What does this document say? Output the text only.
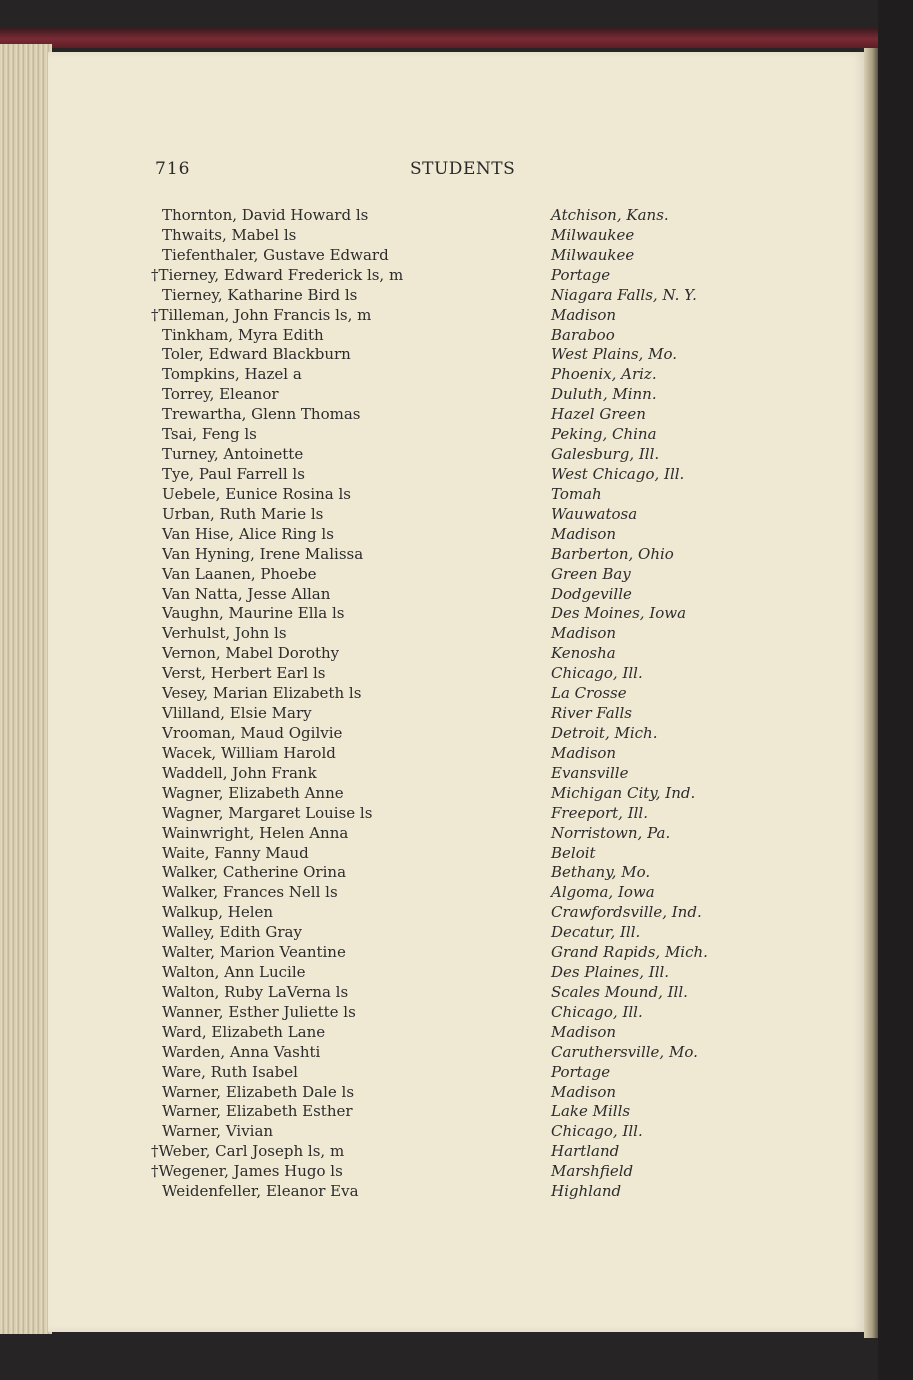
716	STUDENTS
Thornton, David Howard ls	Atchison, Kans.
Thwaits, Mabel ls	Milwaukee
Tiefenthaler, Gustave Edward	Milwaukee
†Tierney, Edward Frederick ls, m	Portage
Tierney, Katharine Bird ls	Niagara Falls, N. Y.
†Tilleman, John Francis ls, m	Madison
Tinkham, Myra Edith	Baraboo
Toler, Edward Blackburn	West Plains, Mo.
Tompkins, Hazel a	Phoenix, Ariz.
Torrey, Eleanor	Duluth, Minn.
Trewartha, Glenn Thomas	Hazel Green
Tsai, Feng ls	Peking, China
Turney, Antoinette	Galesburg, Ill.
Tye, Paul Farrell ls	West Chicago, Ill.
Uebele, Eunice Rosina ls	Tomah
Urban, Ruth Marie ls	Wauwatosa
Van Hise, Alice Ring ls	Madison
Van Hyning, Irene Malissa	Barberton, Ohio
Van Laanen, Phoebe	Green Bay
Van Natta, Jesse Allan	Dodgeville
Vaughn, Maurine Ella ls	Des Moines, Iowa
Verhulst, John ls	Madison
Vernon, Mabel Dorothy	Kenosha
Verst, Herbert Earl ls	Chicago, Ill.
Vesey, Marian Elizabeth ls	La Crosse
Vlilland, Elsie Mary	River Falls
Vrooman, Maud Ogilvie	Detroit, Mich.
Wacek, William Harold	Madison
Waddell, John Frank	Evansville
Wagner, Elizabeth Anne	Michigan City, Ind.
Wagner, Margaret Louise ls	Freeport, Ill.
Wainwright, Helen Anna	Norristown, Pa.
Waite, Fanny Maud	Beloit
Walker, Catherine Orina	Bethany, Mo.
Walker, Frances Nell ls	Algoma, Iowa
Walkup, Helen	Crawfordsville, Ind.
Walley, Edith Gray	Decatur, Ill.
Walter, Marion Veantine	Grand Rapids, Mich.
Walton, Ann Lucile	Des Plaines, Ill.
Walton, Ruby LaVerna ls	Scales Mound, Ill.
Wanner, Esther Juliette ls	Chicago, Ill.
Ward, Elizabeth Lane	Madison
Warden, Anna Vashti	Caruthersville, Mo.
Ware, Ruth Isabel	Portage
Warner, Elizabeth Dale ls	Madison
Warner, Elizabeth Esther	Lake Mills
Warner, Vivian	Chicago, Ill.
†Weber, Carl Joseph ls, m	Hartland
†Wegener, James Hugo ls	Marshfield
Weidenfeller, Eleanor Eva	Highland
